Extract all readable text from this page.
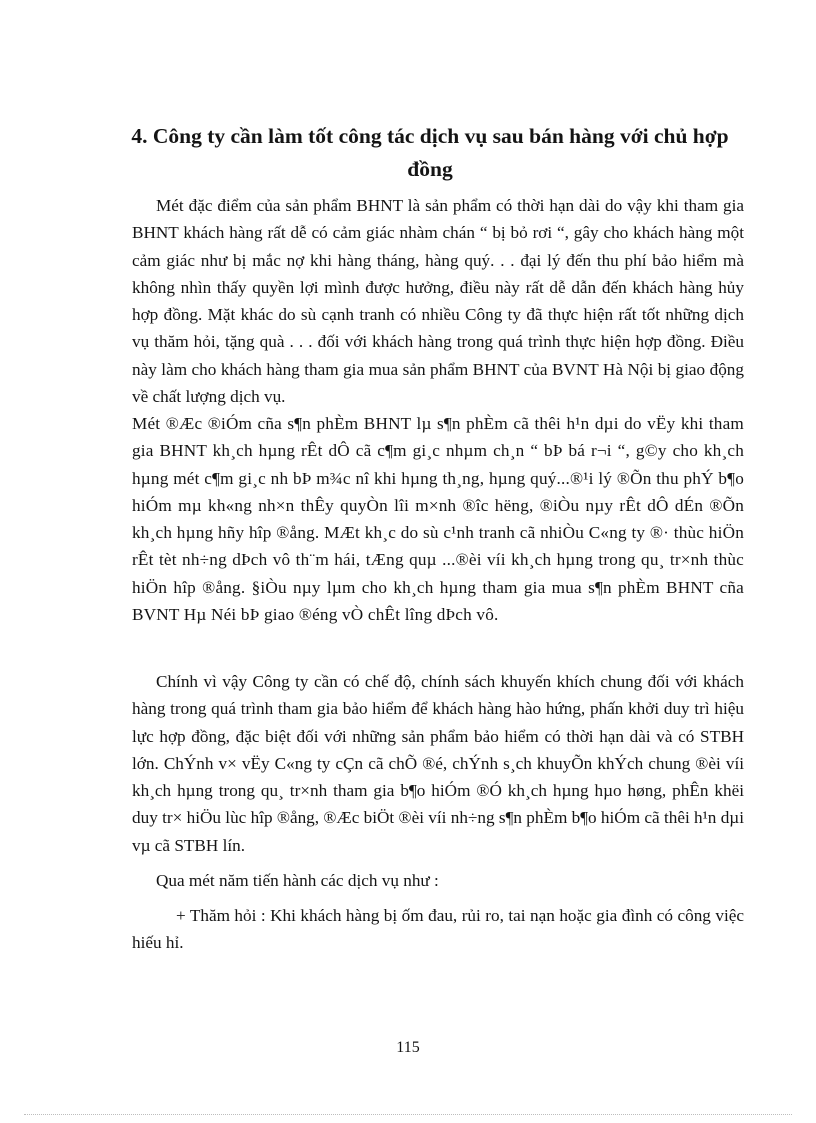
4. Công ty cần làm tốt công tác dịch vụ sau bán hàng với chủ hợp đồng

Mét đặc điểm của sản phẩm BHNT là sản phẩm có thời hạn dài do vậy khi tham gia BHNT khách hàng rất dễ có cảm giác nhàm chán “ bị bỏ rơi “, gây cho khách hàng một cảm giác như bị mắc nợ khi hàng tháng, hàng quý. . . đại lý đến thu phí bảo hiểm mà không nhìn thấy quyền lợi mình được hưởng, điều này rất dễ dẫn đến khách hàng hủy hợp đồng. Mặt khác do sù cạnh tranh có nhiều Công ty đã thực hiện rất tốt những dịch vụ thăm hỏi, tặng quà . . . đối với khách hàng trong quá trình thực hiện hợp đồng. Điều này làm cho khách hàng tham gia mua sản phẩm BHNT của BVNT Hà Nội bị giao động về chất lượng dịch vụ.

Mét ®Æc ®iÓm cña s¶n phÈm BHNT lµ s¶n phÈm cã thêi h¹n dµi do vËy khi tham gia BHNT kh¸ch hµng rÊt dÔ cã c¶m gi¸c nhµm ch¸n “ bÞ bá r¬i “, g©y cho kh¸ch hµng mét c¶m gi¸c nh bÞ m¾c nî khi hµng th¸ng, hµng quý...®¹i lý ®Õn thu phÝ b¶o hiÓm mµ kh«ng nh×n thÊy quyÒn lîi m×nh ®îc hëng, ®iÒu nµy rÊt dÔ dÉn ®Õn kh¸ch hµng hñy hîp ®ång. MÆt kh¸c do sù c¹nh tranh cã nhiÒu C«ng ty ®· thùc hiÖn rÊt tèt nh÷ng dÞch vô th¨m hái, tÆng quµ ...®èi víi kh¸ch hµng trong qu¸ tr×nh thùc hiÖn hîp ®ång. §iÒu nµy lµm cho kh¸ch hµng tham gia mua s¶n phÈm BHNT cña BVNT Hµ Néi bÞ giao ®éng vÒ chÊt lîng dÞch vô.

Chính vì vậy Công ty cần có chế độ, chính sách khuyến khích chung đối với khách hàng trong quá trình tham gia bảo hiểm để khách hàng hào hứng, phấn khởi duy trì hiệu lực hợp đồng, đặc biệt đối với những sản phẩm bảo hiểm có thời hạn dài và có STBH lớn. ChÝnh v× vËy C«ng ty cÇn cã chÕ ®é, chÝnh s¸ch khuyÕn khÝch chung ®èi víi kh¸ch hµng trong qu¸ tr×nh tham gia b¶o hiÓm ®Ó kh¸ch hµng hµo høng, phÊn khëi duy tr× hiÖu lùc hîp ®ång, ®Æc biÖt ®èi víi nh÷ng s¶n phÈm b¶o hiÓm cã thêi h¹n dµi vµ cã STBH lín.

Qua mét năm tiến hành các dịch vụ như :

+ Thăm hỏi : Khi khách hàng bị ốm đau, rủi ro, tai nạn hoặc gia đình có công việc hiếu hỉ.

115
